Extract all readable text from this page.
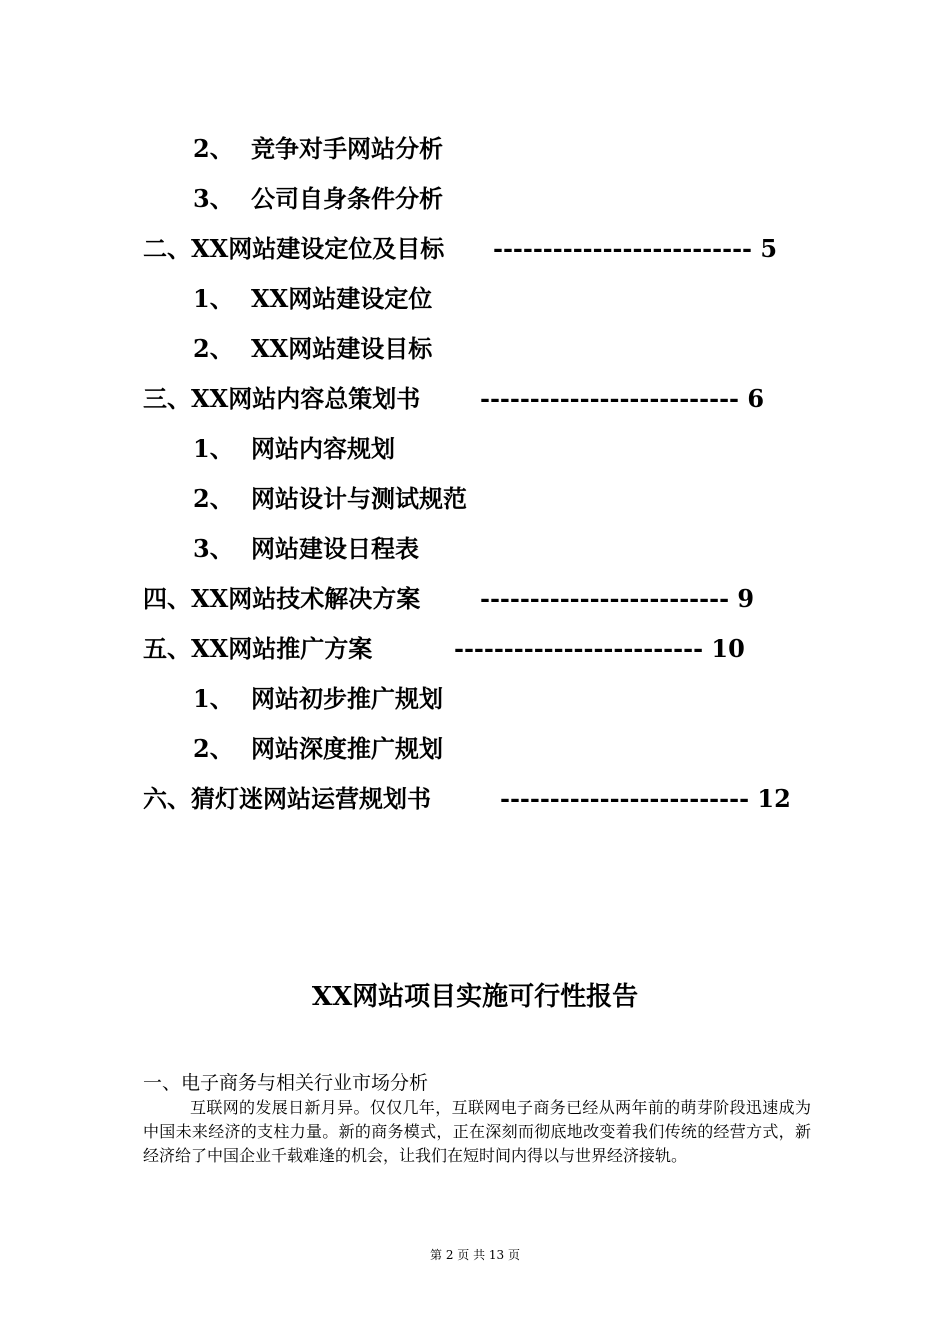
2、 竞争对手网站分析
3、 公司自身条件分析
二、XX网站建设定位及目标 -------------------------- 5
1、 XX网站建设定位
2、 XX网站建设目标
三、XX网站内容总策划书 -------------------------- 6
1、 网站内容规划
2、 网站设计与测试规范
3、 网站建设日程表
四、XX网站技术解决方案 ------------------------- 9
五、XX网站推广方案	------------------------- 10
1、 网站初步推广规划
2、 网站深度推广规划
六、猜灯迷网站运营规划书	------------------------- 12
XX网站项目实施可行性报告
一、电子商务与相关行业市场分析
互联网的发展日新月异。仅仅几年，互联网电子商务已经从两年前的萌芽阶段迅速成为中国未来经济的支柱力量。新的商务模式，正在深刻而彻底地改变着我们传统的经营方式，新经济给了中国企业千载难逢的机会，让我们在短时间内得以与世界经济接轨。
第 2 页 共 13 页
